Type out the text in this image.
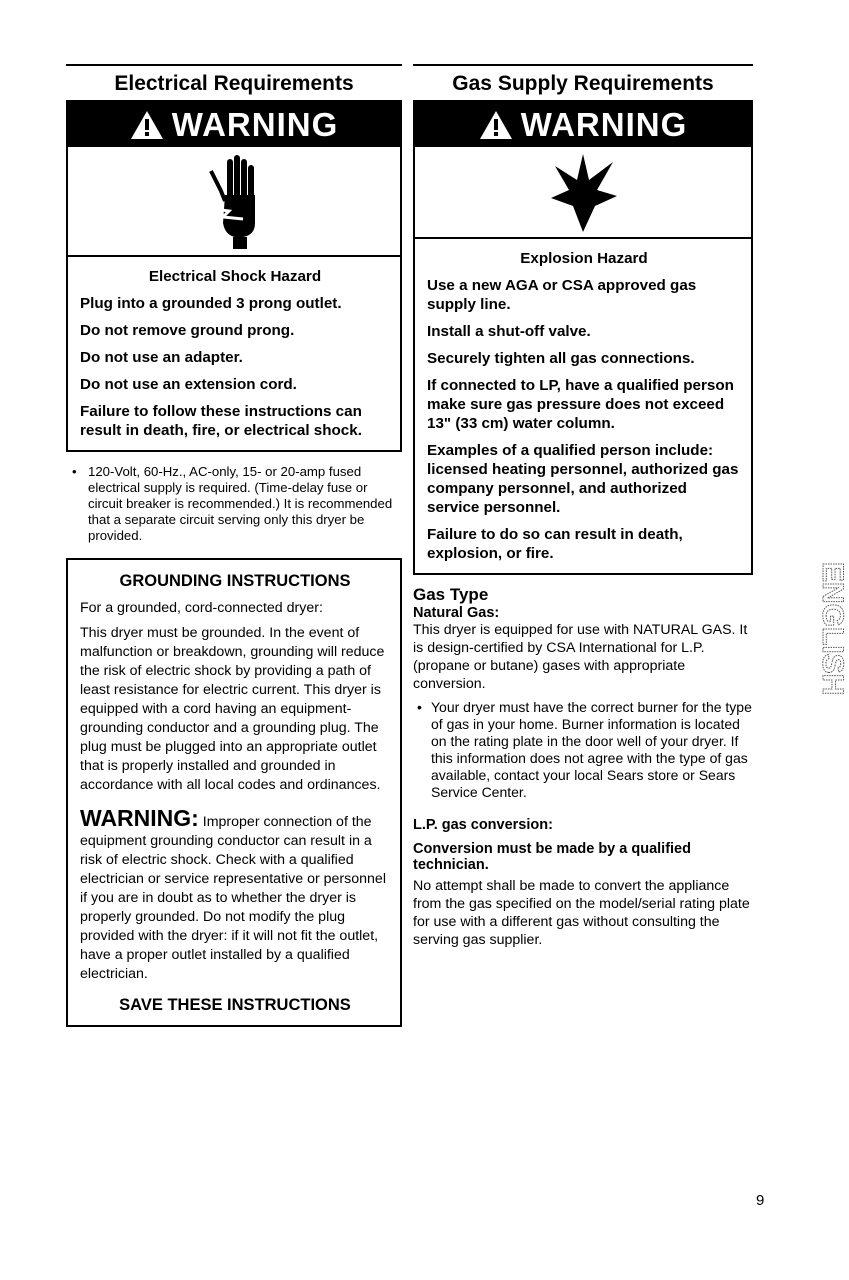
Electrical Requirements
WARNING
Electrical Shock Hazard

Plug into a grounded 3 prong outlet.

Do not remove ground prong.

Do not use an adapter.

Do not use an extension cord.

Failure to follow these instructions can result in death, fire, or electrical shock.

• 120-Volt, 60-Hz., AC-only, 15- or 20-amp fused electrical supply is required. (Time-delay fuse or circuit breaker is recommended.) It is recommended that a separate circuit serving only this dryer be provided.
GROUNDING INSTRUCTIONS

For a grounded, cord-connected dryer:

This dryer must be grounded. In the event of malfunction or breakdown, grounding will reduce the risk of electric shock by providing a path of least resistance for electric current. This dryer is equipped with a cord having an equipment-grounding conductor and a grounding plug. The plug must be plugged into an appropriate outlet that is properly installed and grounded in accordance with all local codes and ordinances.

WARNING: Improper connection of the equipment grounding conductor can result in a risk of electric shock. Check with a qualified electrician or service representative or personnel if you are in doubt as to whether the dryer is properly grounded. Do not modify the plug provided with the dryer: if it will not fit the outlet, have a proper outlet installed by a qualified electrician.

SAVE THESE INSTRUCTIONS
Gas Supply Requirements
WARNING
Explosion Hazard

Use a new AGA or CSA approved gas supply line.

Install a shut-off valve.

Securely tighten all gas connections.

If connected to LP, have a qualified person make sure gas pressure does not exceed 13" (33 cm) water column.

Examples of a qualified person include:

licensed heating personnel, authorized gas company personnel, and authorized service personnel.

Failure to do so can result in death, explosion, or fire.

Gas Type
Natural Gas:

This dryer is equipped for use with NATURAL GAS. It is design-certified by CSA International for L.P. (propane or butane) gases with appropriate conversion.

• Your dryer must have the correct burner for the type of gas in your home. Burner information is located on the rating plate in the door well of your dryer. If this information does not agree with the type of gas available, contact your local Sears store or Sears Service Center.
L.P. gas conversion:
Conversion must be made by a qualified technician.

No attempt shall be made to convert the appliance from the gas specified on the model/serial rating plate for use with a different gas without consulting the serving gas supplier.

ENGLISH
9
